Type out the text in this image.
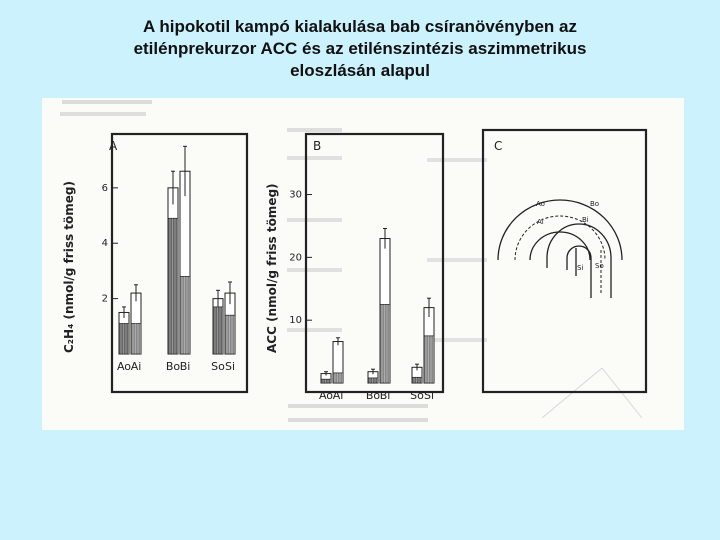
A hipokotil kampó kialakulása bab csíranövényben az
etilénprekurzor ACC és az etilénszintézis aszimmetrikus
eloszlásán alapul
A	B	C
C₂H₄ (nmol/g friss tömeg)	ACC (nmol/g friss tömeg)
2
4
6
Ao Ai Bo Bi So Si
10
20
30
Ao Ai Bo Bi So Si
Ao
Ai
Bo
Bi
Si So
